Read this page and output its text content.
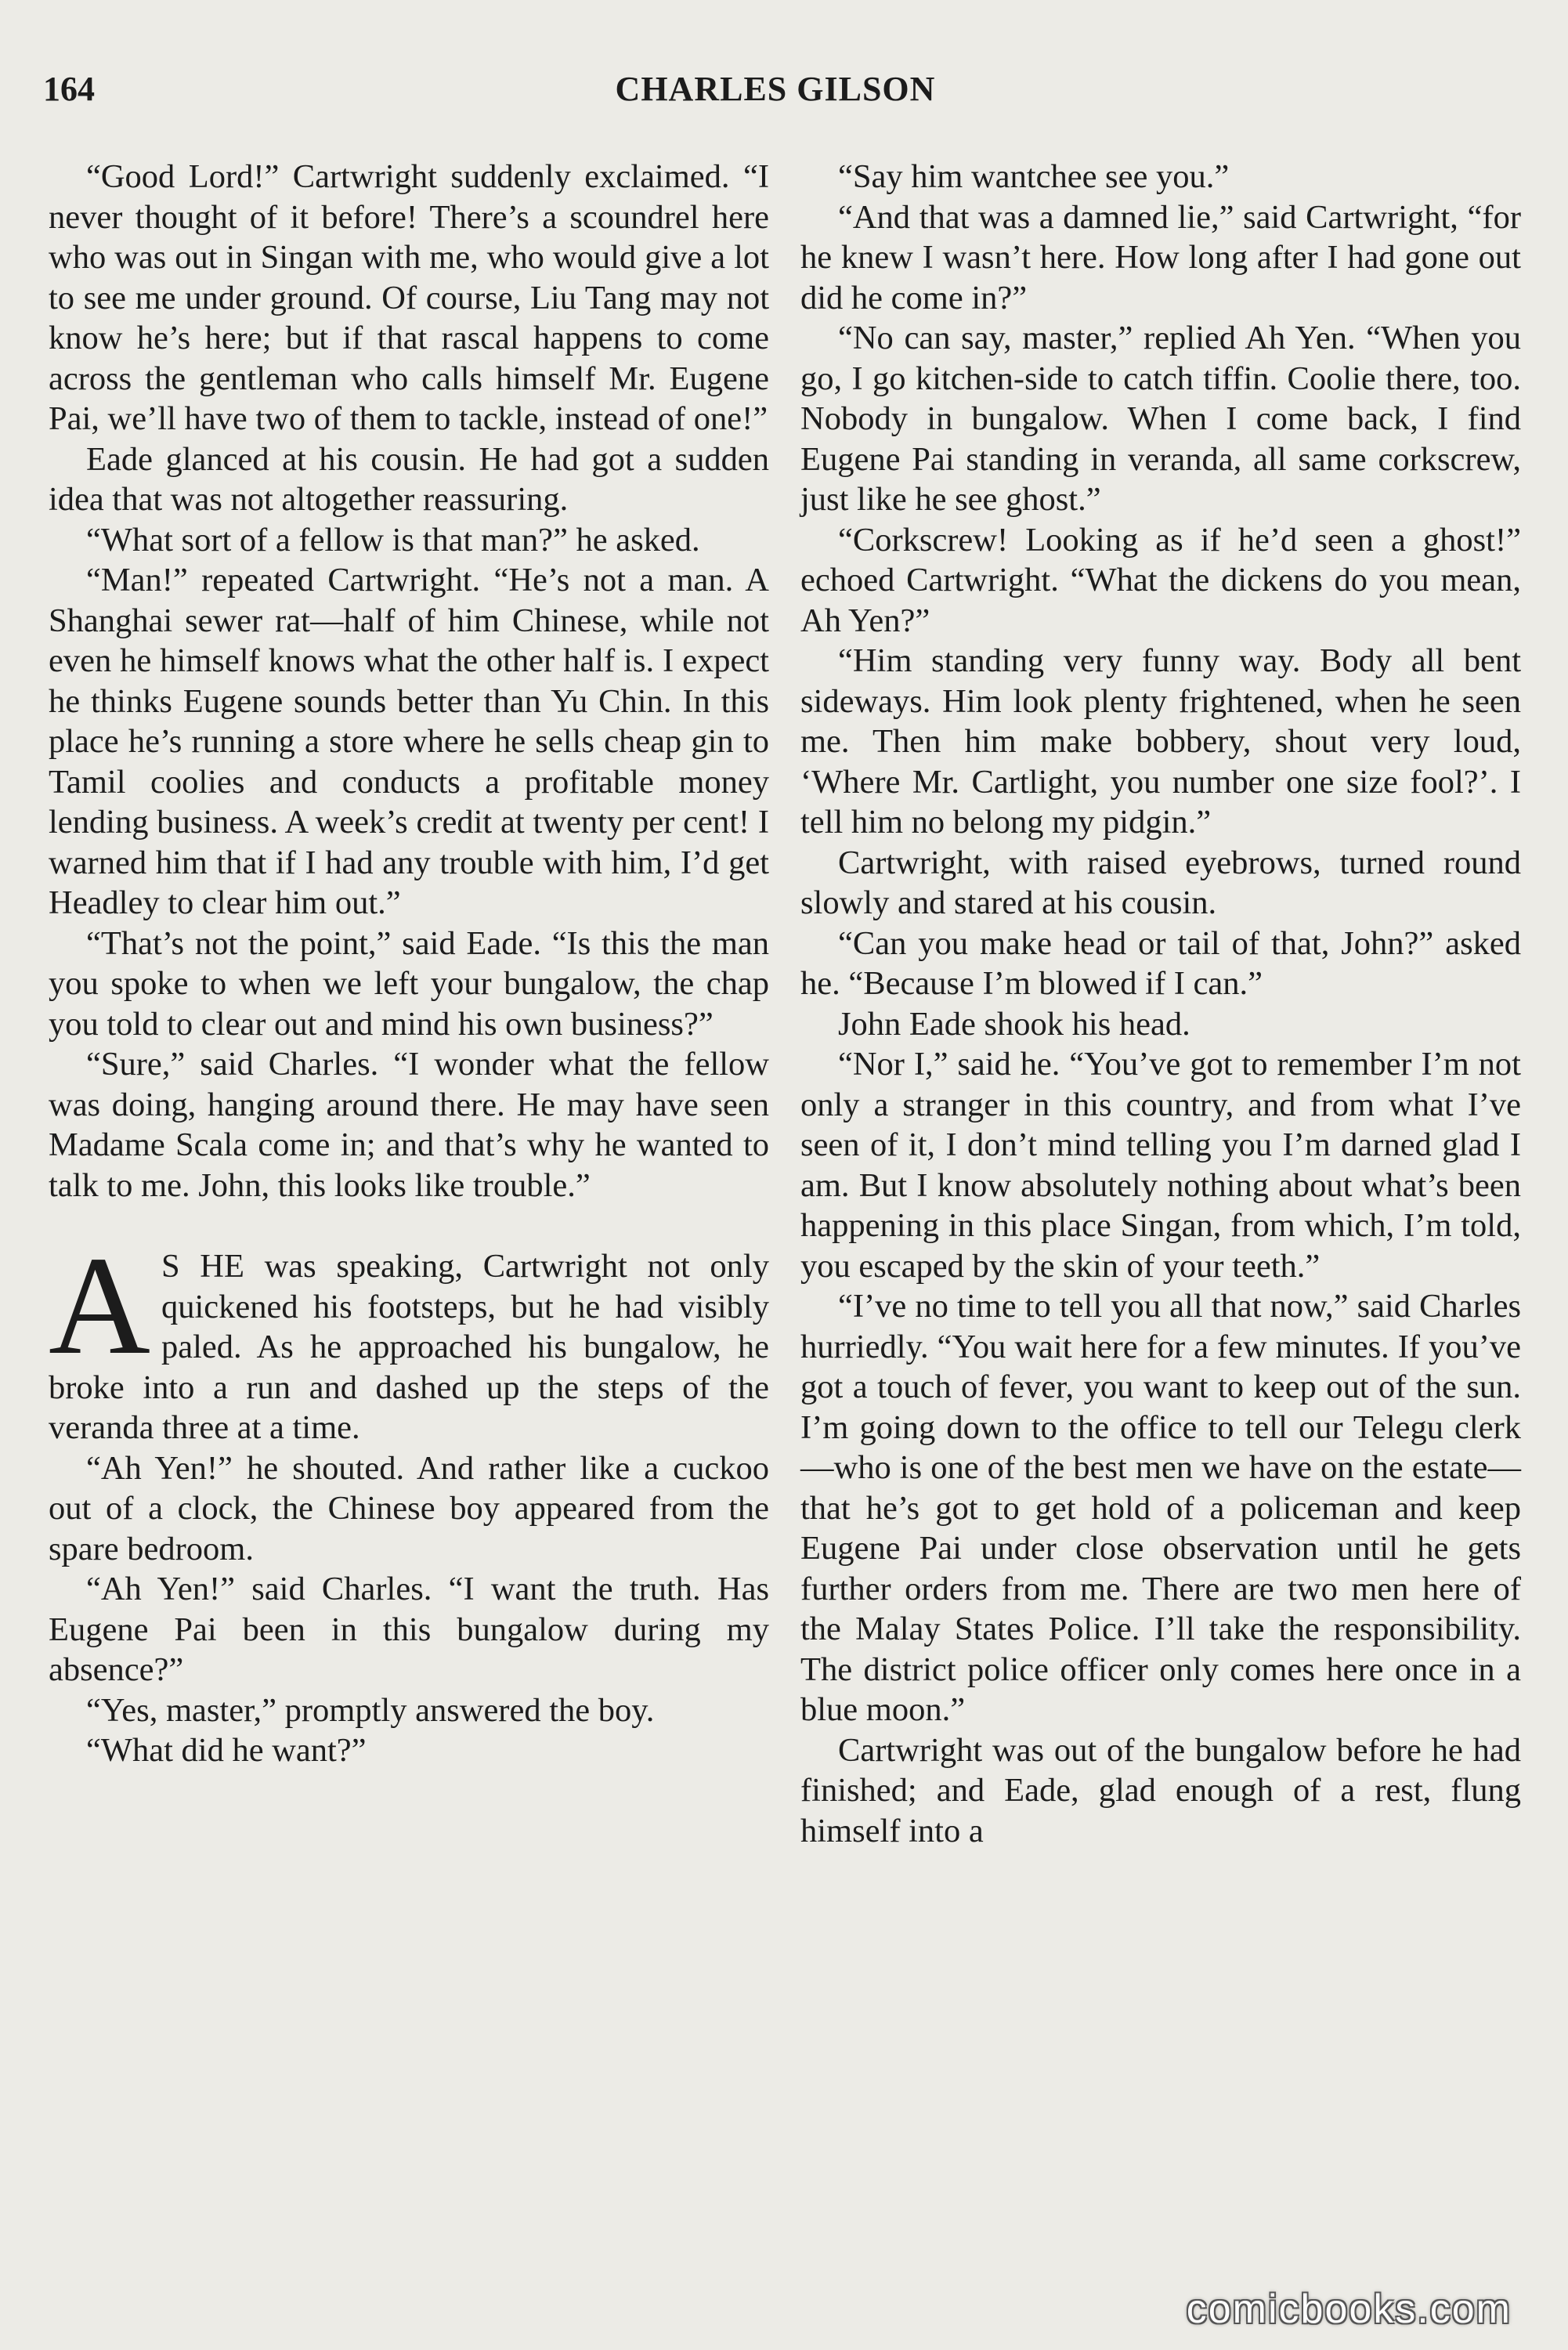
CHARLES GILSON
164

“Good Lord!” Cartwright suddenly exclaimed. “I never thought of it before! There’s a scoundrel here who was out in Singan with me, who would give a lot to see me under ground. Of course, Liu Tang may not know he’s here; but if that rascal happens to come across the gentleman who calls himself Mr. Eugene Pai, we’ll have two of them to tackle, instead of one!”

Eade glanced at his cousin. He had got a sudden idea that was not altogether reassuring.

“What sort of a fellow is that man?” he asked.

“Man!” repeated Cartwright. “He’s not a man. A Shanghai sewer rat—half of him Chinese, while not even he himself knows what the other half is. I expect he thinks Eugene sounds better than Yu Chin. In this place he’s running a store where he sells cheap gin to Tamil coolies and conducts a profitable money lending business. A week’s credit at twenty per cent! I warned him that if I had any trouble with him, I’d get Headley to clear him out.”

“That’s not the point,” said Eade. “Is this the man you spoke to when we left your bungalow, the chap you told to clear out and mind his own business?”

“Sure,” said Charles. “I wonder what the fellow was doing, hanging around there. He may have seen Madame Scala come in; and that’s why he wanted to talk to me. John, this looks like trouble.”

A S HE was speaking, Cartwright not only quickened his footsteps, but he had visibly paled. As he approached his bungalow, he broke into a run and dashed up the steps of the veranda three at a time.

“Ah Yen!” he shouted. And rather like a cuckoo out of a clock, the Chinese boy appeared from the spare bedroom.

“Ah Yen!” said Charles. “I want the truth. Has Eugene Pai been in this bungalow during my absence?”

“Yes, master,” promptly answered the boy.

“What did he want?”

“Say him wantchee see you.”

“And that was a damned lie,” said Cartwright, “for he knew I wasn’t here. How long after I had gone out did he come in?”

“No can say, master,” replied Ah Yen. “When you go, I go kitchen-side to catch tiffin. Coolie there, too. Nobody in bungalow. When I come back, I find Eugene Pai standing in veranda, all same corkscrew, just like he see ghost.”

“Corkscrew! Looking as if he’d seen a ghost!” echoed Cartwright. “What the dickens do you mean, Ah Yen?”

“Him standing very funny way. Body all bent sideways. Him look plenty frightened, when he seen me. Then him make bobbery, shout very loud, ‘Where Mr. Cartlight, you number one size fool?’. I tell him no belong my pidgin.”

Cartwright, with raised eyebrows, turned round slowly and stared at his cousin.

“Can you make head or tail of that, John?” asked he. “Because I’m blowed if I can.”

John Eade shook his head.

“Nor I,” said he. “You’ve got to remember I’m not only a stranger in this country, and from what I’ve seen of it, I don’t mind telling you I’m darned glad I am. But I know absolutely nothing about what’s been happening in this place Singan, from which, I’m told, you escaped by the skin of your teeth.”

“I’ve no time to tell you all that now,” said Charles hurriedly. “You wait here for a few minutes. If you’ve got a touch of fever, you want to keep out of the sun. I’m going down to the office to tell our Telegu clerk—who is one of the best men we have on the estate—that he’s got to get hold of a policeman and keep Eugene Pai under close observation until he gets further orders from me. There are two men here of the Malay States Police. I’ll take the responsibility. The district police officer only comes here once in a blue moon.”

Cartwright was out of the bungalow before he had finished; and Eade, glad enough of a rest, flung himself into a

comicbooks.com
